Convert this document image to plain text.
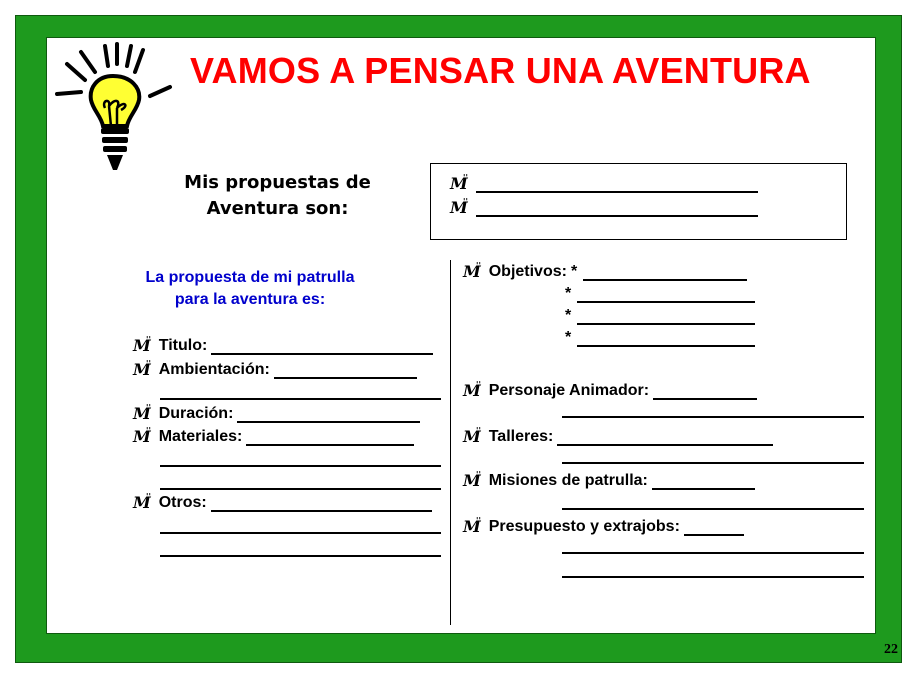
VAMOS A PENSAR UNA AVENTURA
Mis propuestas de
Aventura son:
M ''
M ''
La propuesta de mi patrulla
para la aventura es:
M '' Titulo:
M '' Ambientación:
M '' Duración:
M '' Materiales:
M '' Otros:
M '' Objetivos: *
*
*
*
M '' Personaje Animador:
M '' Talleres:
M '' Misiones de patrulla:
M '' Presupuesto y extrajobs:
22
